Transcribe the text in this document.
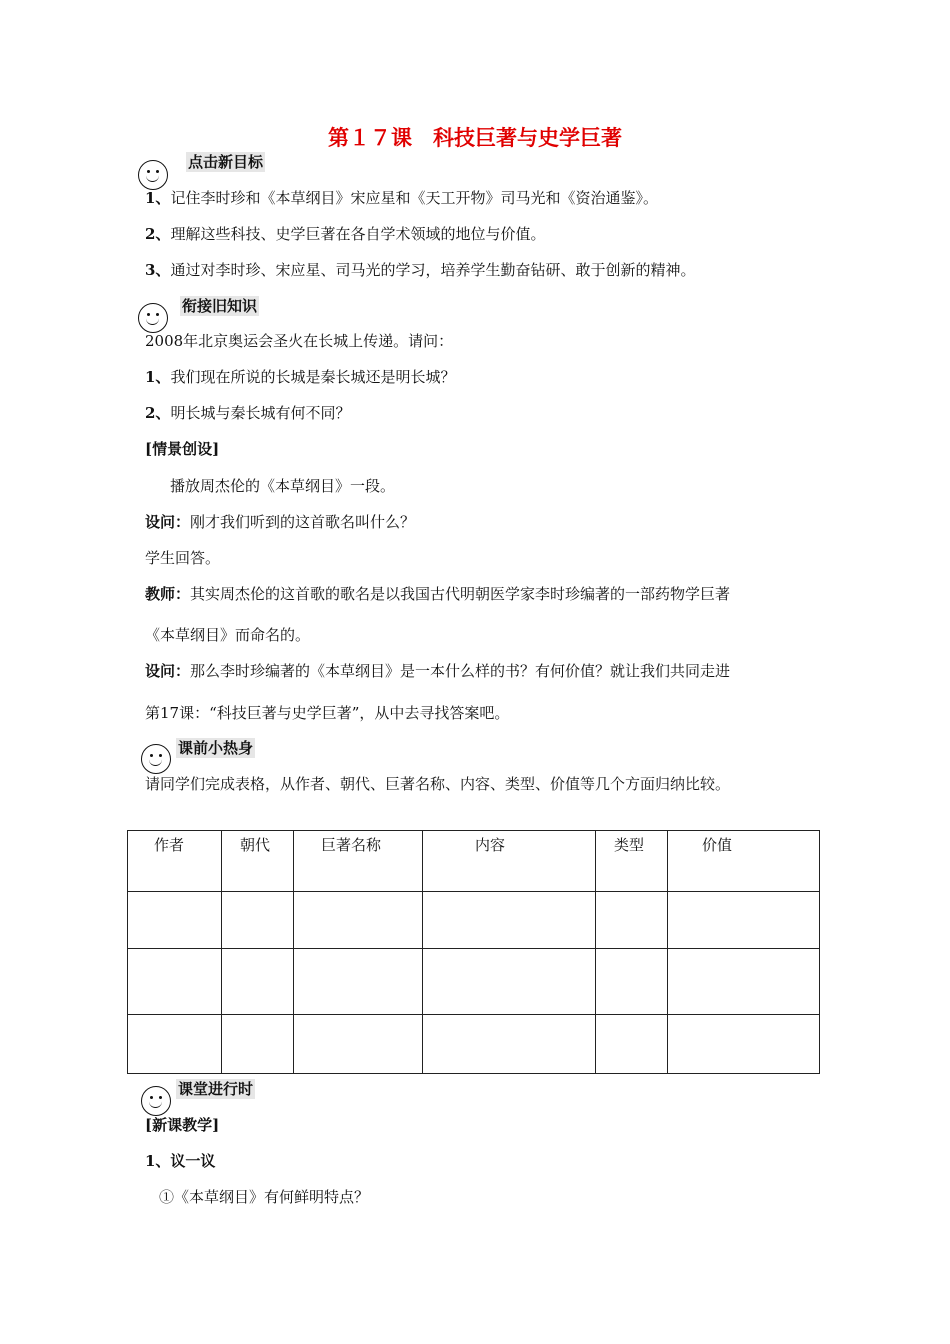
第１７课　科技巨著与史学巨著
点击新目标
1、记住李时珍和《本草纲目》宋应星和《天工开物》司马光和《资治通鉴》。
2、理解这些科技、史学巨著在各自学术领域的地位与价值。
3、通过对李时珍、宋应星、司马光的学习，培养学生勤奋钻研、敢于创新的精神。
衔接旧知识
2008年北京奥运会圣火在长城上传递。请问：
1、我们现在所说的长城是秦长城还是明长城？
2、明长城与秦长城有何不同？
[情景创设]
播放周杰伦的《本草纲目》一段。
设问：刚才我们听到的这首歌名叫什么？
学生回答。
教师：其实周杰伦的这首歌的歌名是以我国古代明朝医学家李时珍编著的一部药物学巨著
《本草纲目》而命名的。
设问：那么李时珍编著的《本草纲目》是一本什么样的书？有何价值？就让我们共同走进
第17课：“科技巨著与史学巨著”，从中去寻找答案吧。
课前小热身
请同学们完成表格，从作者、朝代、巨著名称、内容、类型、价值等几个方面归纳比较。
作者	朝代	巨著名称	内容	类型	价值

课堂进行时
[新课教学]
1、议一议
①《本草纲目》有何鲜明特点？
